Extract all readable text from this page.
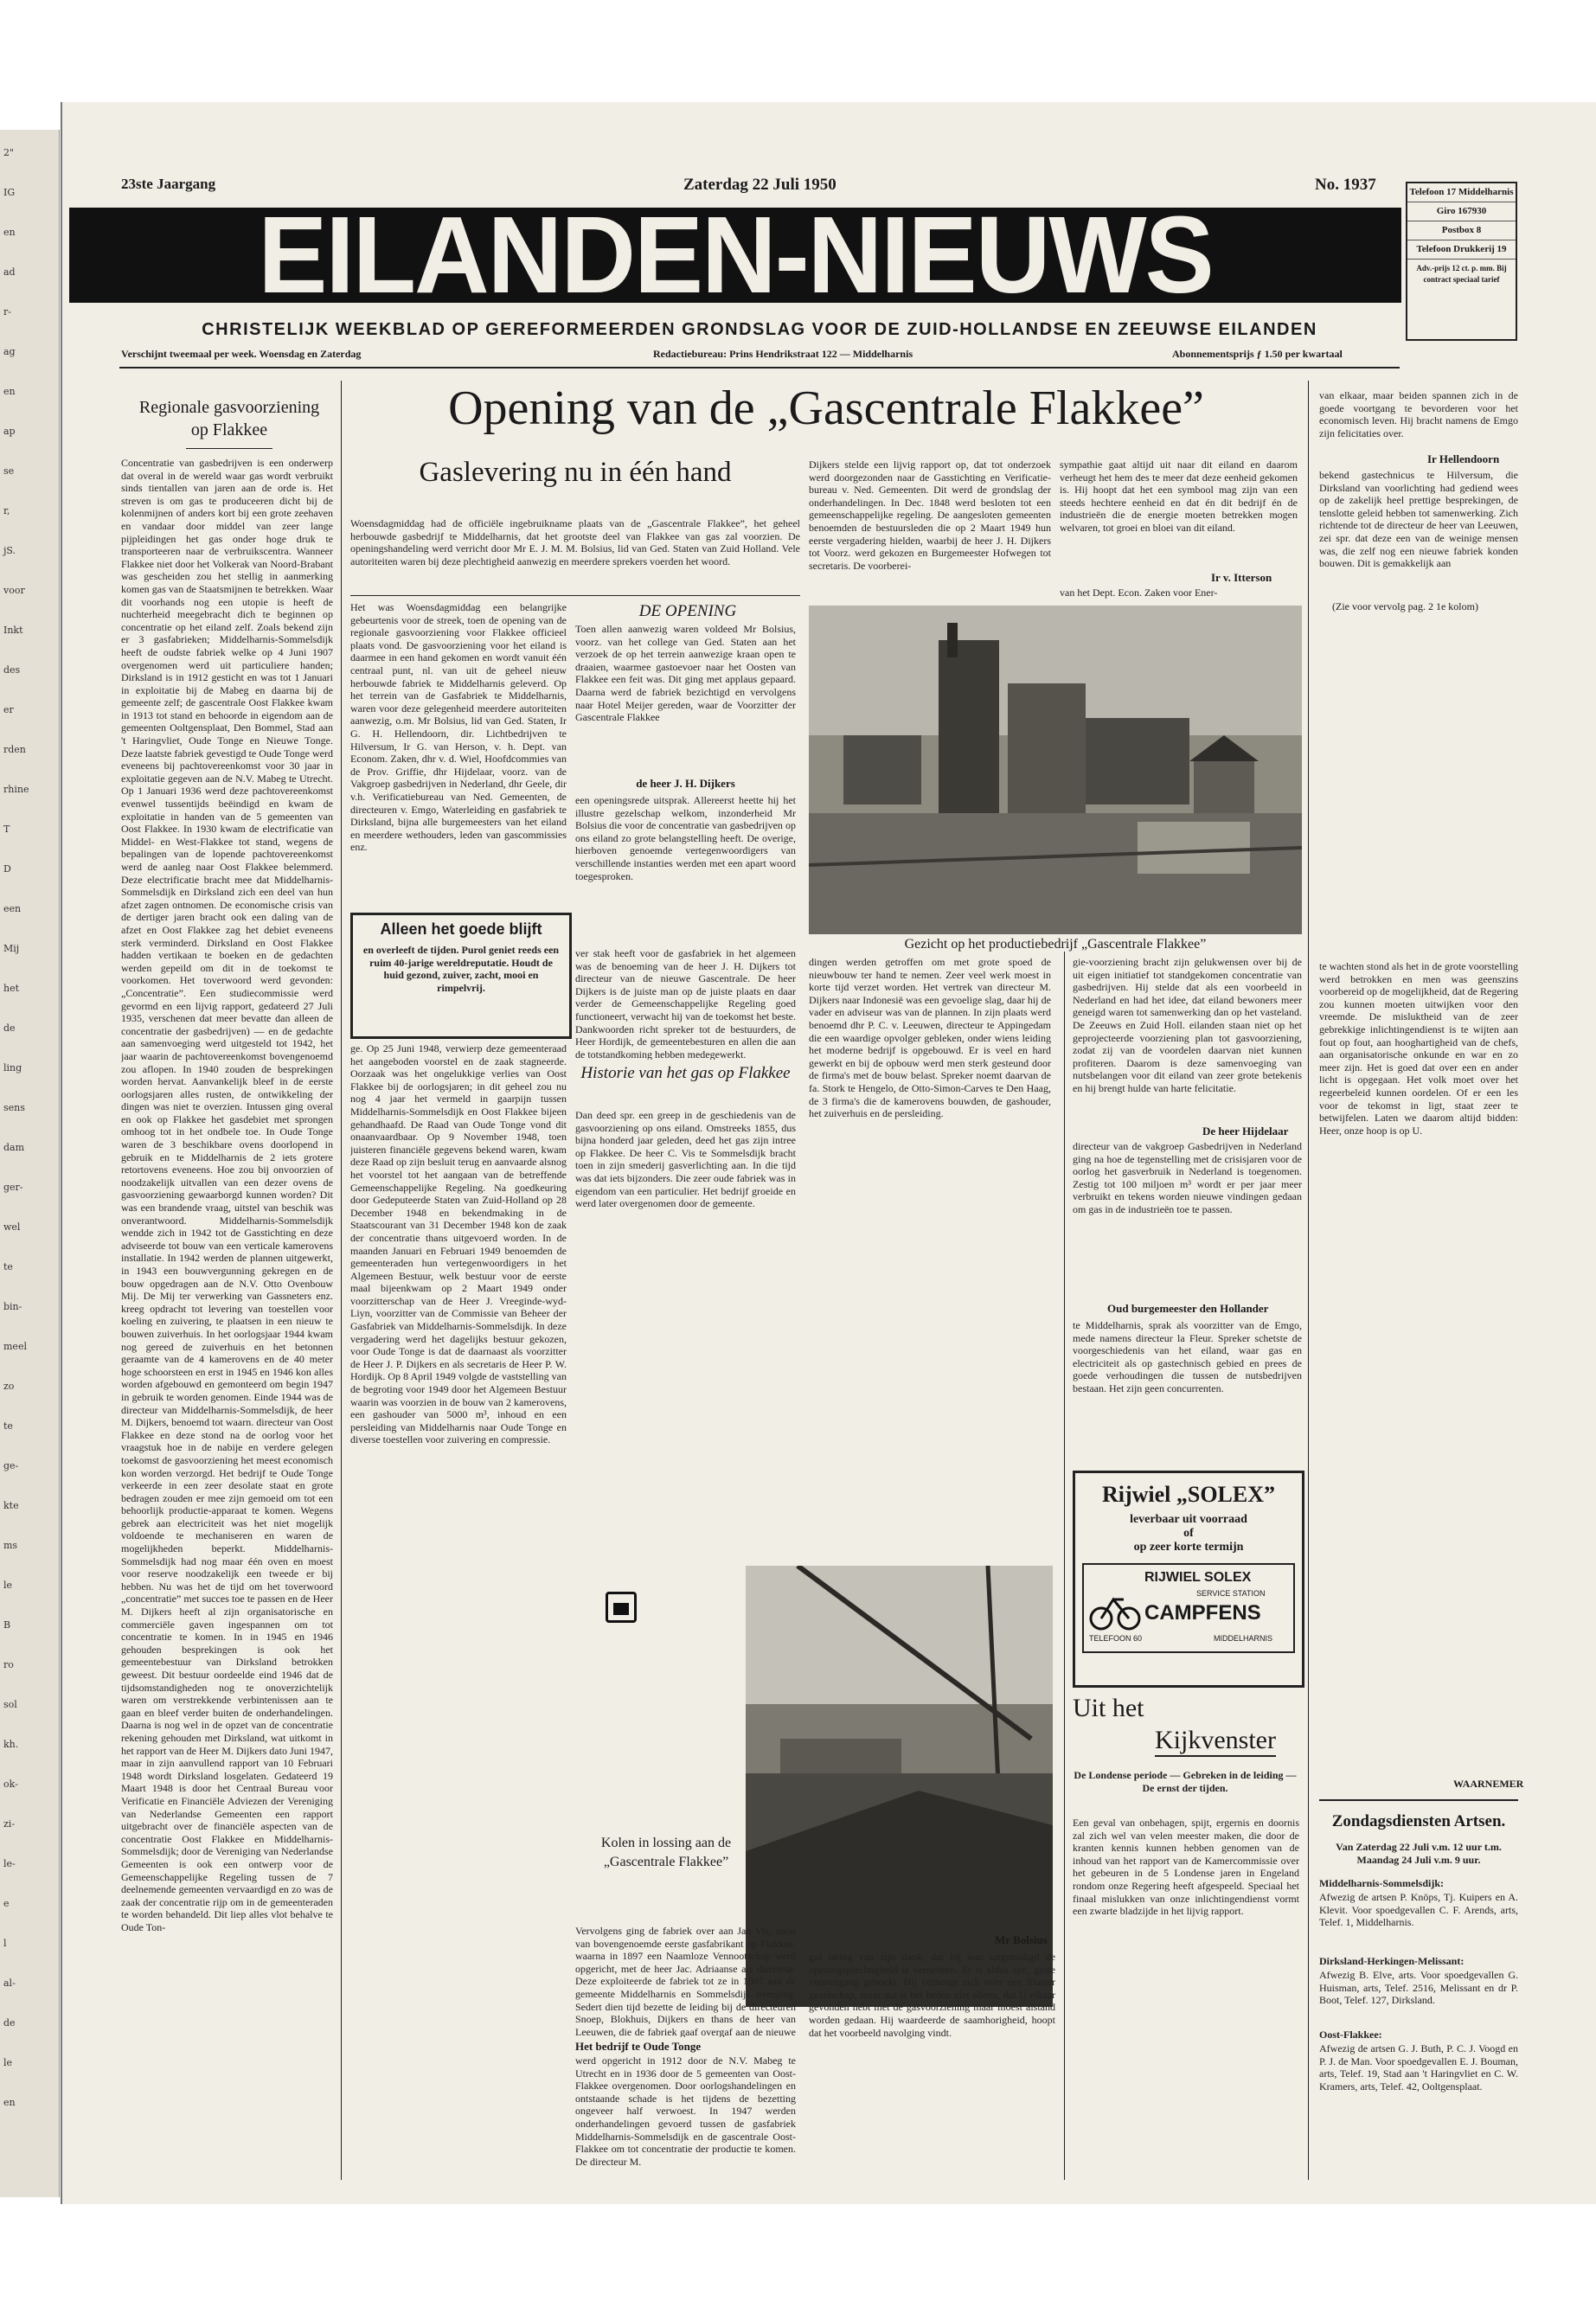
2"
IG
en
ad
r-
ag
en
ap
se
r,
jS.
voor
Inkt
des
er
rden
rhine
T
D
een
Mij
het
de
ling
sens
dam
ger-
wel
te
bin-
meel
zo
te
ge-
kte
ms
le
B
ro
sol
kh.
ok-
zi-
le-
e
l
al-
de
le
en
23ste Jaargang	Zaterdag 22 Juli 1950	No. 1937
EILANDEN-NIEUWS
CHRISTELIJK WEEKBLAD OP GEREFORMEERDEN GRONDSLAG VOOR DE ZUID-HOLLANDSE EN ZEEUWSE EILANDEN
Verschijnt tweemaal per week. Woensdag en Zaterdag	Redactiebureau: Prins Hendrikstraat 122 — Middelharnis	Abonnementsprijs ƒ 1.50 per kwartaal
Telefoon 17 Middelharnis
Giro 167930
Postbox 8
Telefoon Drukkerij 19
Adv.-prijs 12 ct. p. mm. Bij contract speciaal tarief
Regionale gasvoorziening op Flakkee
Concentratie van gasbedrijven is een onderwerp dat overal in de wereld waar gas wordt verbruikt sinds tientallen van jaren aan de orde is. Het streven is om gas te produceeren dicht bij de kolenmijnen of anders kort bij een grote zeehaven en vandaar door middel van zeer lange pijpleidingen het gas onder hoge druk te transporteeren naar de verbruikscentra. Wanneer Flakkee niet door het Volkerak van Noord-Brabant was gescheiden zou het stellig in aanmerking komen gas van de Staatsmijnen te betrekken. Waar dit voorhands nog een utopie is heeft de nuchterheid meegebracht dich te beginnen op concentratie op het eiland zelf. Zoals bekend zijn er 3 gasfabrieken; Middelharnis-Sommelsdijk heeft de oudste fabriek welke op 4 Juni 1907 overgenomen werd uit particuliere handen; Dirksland is in 1912 gesticht en was tot 1 Januari in exploitatie bij de Mabeg en daarna bij de gemeente zelf; de gascentrale Oost Flakkee kwam in 1913 tot stand en behoorde in eigendom aan de gemeenten Ooltgensplaat, Den Bommel, Stad aan 't Haringvliet, Oude Tonge en Nieuwe Tonge. Deze laatste fabriek gevestigd te Oude Tonge werd eveneens bij pachtovereenkomst voor 30 jaar in exploitatie gegeven aan de N.V. Mabeg te Utrecht. Op 1 Januari 1936 werd deze pachtovereenkomst evenwel tussentijds beëindigd en kwam de exploitatie in handen van de 5 gemeenten van Oost Flakkee. In 1930 kwam de electrificatie van Middel- en West-Flakkee tot stand, wegens de bepalingen van de lopende pachtovereenkomst werd de aanleg naar Oost Flakkee belemmerd. Deze electrificatie bracht mee dat Middelharnis-Sommelsdijk en Dirksland zich een deel van hun afzet zagen ontnomen. De economische crisis van de dertiger jaren bracht ook een daling van de afzet en Oost Flakkee zag het debiet eveneens sterk verminderd. Dirksland en Oost Flakkee hadden vertikaan te boeken en de gedachten werden gepeild om dit in de toekomst te voorkomen. Het toverwoord werd gevonden: „Concentratie”. Een studiecommissie werd gevormd en een lijvig rapport, gedateerd 27 Juli 1935, verschenen dat meer bevatte dan alleen de concentratie der gasbedrijven) — en de gedachte aan samenvoeging werd uitgesteld tot 1942, het jaar waarin de pachtovereenkomst bovengenoemd zou aflopen. In 1940 zouden de besprekingen worden hervat. Aanvankelijk bleef in de eerste oorlogsjaren alles rusten, de ontwikkeling der dingen was niet te overzien. Intussen ging overal en ook op Flakkee het gasdebiet met sprongen omhoog tot in het ondbele toe. In Oude Tonge waren de 3 beschikbare ovens doorlopend in gebruik en te Middelharnis de 2 iets grotere retortovens eveneens. Hoe zou bij onvoorzien of noodzakelijk uitvallen van een dezer ovens de gasvoorziening gewaarborgd kunnen worden? Dit was een brandende vraag, uitstel van beschik was onverantwoord. Middelharnis-Sommelsdijk wendde zich in 1942 tot de Gasstichting en deze adviseerde tot bouw van een verticale kamerovens installatie. In 1942 werden de plannen uitgewerkt, in 1943 een bouwvergunning gekregen en de bouw opgedragen aan de N.V. Otto Ovenbouw Mij. De Mij ter verwerking van Gassneters enz. kreeg opdracht tot levering van toestellen voor koeling en zuivering, te plaatsen in een nieuw te bouwen zuiverhuis. In het oorlogsjaar 1944 kwam nog gereed de zuiverhuis en het betonnen geraamte van de 4 kamerovens en de 40 meter hoge schoorsteen en erst in 1945 en 1946 kon alles worden afgebouwd en gemonteerd om begin 1947 in gebruik te worden genomen. Einde 1944 was de directeur van Middelharnis-Sommelsdijk, de heer M. Dijkers, benoemd tot waarn. directeur van Oost Flakkee en deze stond na de oorlog voor het vraagstuk hoe in de nabije en verdere gelegen toekomst de gasvoorziening het meest economisch kon worden verzorgd. Het bedrijf te Oude Tonge verkeerde in een zeer desolate staat en grote bedragen zouden er mee zijn gemoeid om tot een behoorlijk productie-apparaat te komen. Wegens gebrek aan electriciteit was het niet mogelijk voldoende te mechaniseren en waren de mogelijkheden beperkt. Middelharnis-Sommelsdijk had nog maar één oven en moest voor reserve noodzakelijk een tweede er bij hebben. Nu was het de tijd om het toverwoord „concentratie” met succes toe te passen en de Heer M. Dijkers heeft al zijn organisatorische en commerciële gaven ingespannen om tot concentratie te komen. In in 1945 en 1946 gehouden besprekingen is ook het gemeentebestuur van Dirksland betrokken geweest. Dit bestuur oordeelde eind 1946 dat de tijdsomstandigheden nog te onoverzichtelijk waren om verstrekkende verbintenissen aan te gaan en bleef verder buiten de onderhandelingen. Daarna is nog wel in de opzet van de concentratie rekening gehouden met Dirksland, wat uitkomt in het rapport van de Heer M. Dijkers dato Juni 1947, maar in zijn aanvullend rapport van 10 Februari 1948 wordt Dirksland losgelaten. Gedateerd 19 Maart 1948 is door het Centraal Bureau voor Verificatie en Financiële Adviezen der Vereniging van Nederlandse Gemeenten een rapport uitgebracht over de financiële aspecten van de concentratie Oost Flakkee en Middelharnis-Sommelsdijk; door de Vereniging van Nederlandse Gemeenten is ook een ontwerp voor de Gemeenschappelijke Regeling tussen de 7 deelnemende gemeenten vervaardigd en zo was de zaak der concentratie rijp om in de gemeenteraden te worden behandeld. Dit liep alles vlot behalve te Oude Ton-
Opening van de „Gascentrale Flakkee”
Gaslevering nu in één hand
Woensdagmiddag had de officiële ingebruikname plaats van de „Gascentrale Flakkee”, het geheel herbouwde gasbedrijf te Middelharnis, dat het grootste deel van Flakkee van gas zal voorzien. De openingshandeling werd verricht door Mr E. J. M. M. Bolsius, lid van Ged. Staten van Zuid Holland. Vele autoriteiten waren bij deze plechtigheid aanwezig en meerdere sprekers voerden het woord.
Het was Woensdagmiddag een belangrijke gebeurtenis voor de streek, toen de opening van de regionale gasvoorziening voor Flakkee officieel plaats vond. De gasvoorziening voor het eiland is daarmee in een hand gekomen en wordt vanuit één centraal punt, nl. van uit de geheel nieuw herbouwde fabriek te Middelharnis geleverd. Op het terrein van de Gasfabriek te Middelharnis, waren voor deze gelegenheid meerdere autoriteiten aanwezig, o.m. Mr Bolsius, lid van Ged. Staten, Ir G. H. Hellendoorn, dir. Lichtbedrijven te Hilversum, Ir G. van Herson, v. h. Dept. van Econom. Zaken, dhr v. d. Wiel, Hoofdcommies van de Prov. Griffie, dhr Hijdelaar, voorz. van de Vakgroep gasbedrijven in Nederland, dhr Geele, dir v.h. Verificatiebureau van Ned. Gemeenten, de directeuren v. Emgo, Waterleiding en gasfabriek te Dirksland, bijna alle burgemeesters van het eiland en meerdere wethouders, leden van gascommissies enz.
Alleen het goede blijft
en overleeft de tijden. Purol geniet reeds een ruim 40-jarige wereldreputatie. Houdt de huid gezond, zuiver, zacht, mooi en rimpelvrij.
DE OPENING
Toen allen aanwezig waren voldeed Mr Bolsius, voorz. van het college van Ged. Staten aan het verzoek de op het terrein aanwezige kraan open te draaien, waarmee gastoevoer naar het Oosten van Flakkee een feit was. Dit ging met applaus gepaard. Daarna werd de fabriek bezichtigd en vervolgens naar Hotel Meijer gereden, waar de Voorzitter der Gascentrale Flakkee
de heer J. H. Dijkers
een openingsrede uitsprak. Allereerst heette hij het illustre gezelschap welkom, inzonderheid Mr Bolsius die voor de concentratie van gasbedrijven op ons eiland zo grote belangstelling heeft. De overige, hierboven genoemde vertegenwoordigers van verschillende instanties werden met een apart woord toegesproken.
Dijkers stelde een lijvig rapport op, dat tot onderzoek werd doorgezonden naar de Gasstichting en Verificatie-bureau v. Ned. Gemeenten. Dit werd de grondslag der onderhandelingen. In Dec. 1848 werd besloten tot een gemeenschappelijke regeling. De aangesloten gemeenten benoemden de bestuursleden die op 2 Maart 1949 hun eerste vergadering hielden, waarbij de heer J. H. Dijkers tot Voorz. werd gekozen en Burgemeester Hofwegen tot secretaris. De voorberei-
sympathie gaat altijd uit naar dit eiland en daarom verheugt het hem des te meer dat deze eenheid gekomen is. Hij hoopt dat het een symbool mag zijn van een steeds hechtere eenheid en dat én dit bedrijf én de industrieën die de energie moeten betrekken mogen welvaren, tot groei en bloei van dit eiland.
Ir v. Itterson
van het Dept. Econ. Zaken voor Ener-
Gezicht op het productiebedrijf „Gascentrale Flakkee”
ge. Op 25 Juni 1948, verwierp deze gemeenteraad het aangeboden voorstel en de zaak stagneerde. Oorzaak was het ongelukkige verlies van Oost Flakkee bij de oorlogsjaren; in dit geheel zou nu nog 4 jaar het vermeld in gaarpijn tussen Middelharnis-Sommelsdijk en Oost Flakkee bijeen gehandhaafd. De Raad van Oude Tonge vond dit onaanvaardbaar. Op 9 November 1948, toen juisteren financiële gegevens bekend waren, kwam deze Raad op zijn besluit terug en aanvaarde alsnog het voorstel tot het aangaan van de betreffende Gemeenschappelijke Regeling. Na goedkeuring door Gedeputeerde Staten van Zuid-Holland op 28 December 1948 en bekendmaking in de Staatscourant van 31 December 1948 kon de zaak der concentratie thans uitgevoerd worden. In de maanden Januari en Februari 1949 benoemden de gemeenteraden hun vertegenwoordigers in het Algemeen Bestuur, welk bestuur voor de eerste maal bijeenkwam op 2 Maart 1949 onder voorzitterschap van de Heer J. Vreeginde-wyd-Liyn, voorzitter van de Commissie van Beheer der Gasfabriek van Middelharnis-Sommelsdijk. In deze vergadering werd het dagelijks bestuur gekozen, voor Oude Tonge is dat de daarnaast als voorzitter de Heer J. P. Dijkers en als secretaris de Heer P. W. Hordijk. Op 8 April 1949 volgde de vaststelling van de begroting voor 1949 door het Algemeen Bestuur waarin was voorzien in de bouw van 2 kamerovens, een gashouder van 5000 m³, inhoud en een persleiding van Middelharnis naar Oude Tonge en diverse toestellen voor zuivering en compressie.
ver stak heeft voor de gasfabriek in het algemeen was de benoeming van de heer J. H. Dijkers tot directeur van de nieuwe Gascentrale. De heer Dijkers is de juiste man op de juiste plaats en daar verder de Gemeenschappelijke Regeling goed functioneert, verwacht hij van de toekomst het beste. Dankwoorden richt spreker tot de bestuurders, de Heer Hordijk, de gemeentebesturen en allen die aan de totstandkoming hebben medegewerkt.
Historie van het gas op Flakkee
Dan deed spr. een greep in de geschiedenis van de gasvoorziening op ons eiland. Omstreeks 1855, dus bijna honderd jaar geleden, deed het gas zijn intree op Flakkee. De heer C. Vis te Sommelsdijk bracht toen in zijn smederij gasverlichting aan. In die tijd was dat iets bijzonders. Die zeer oude fabriek was in eigendom van een particulier. Het bedrijf groeide en werd later overgenomen door de gemeente.
Kolen in lossing aan de „Gascentrale Flakkee”
Vervolgens ging de fabriek over aan Jan Vis, zoon van bovengenoemde eerste gasfabrikant op Flakkee, waarna in 1897 een Naamloze Vennootschap werd opgericht, met de heer Jac. Adriaanse als directeur. Deze exploiteerde de fabriek tot ze in 1907 aan de gemeente Middelharnis en Sommelsdijk overging. Sedert dien tijd bezette de leiding bij de directeuren Snoep, Blokhuis, Dijkers en thans de heer van Leeuwen, die de fabriek gaaf overgaf aan de nieuwe
Het bedrijf te Oude Tonge
werd opgericht in 1912 door de N.V. Mabeg te Utrecht en in 1936 door de 5 gemeenten van Oost-Flakkee overgenomen. Door oorlogshandelingen en ontstaande schade is het tijdens de bezetting ongeveer half verwoest. In 1947 werden onderhandelingen gevoerd tussen de gasfabriek Middelharnis-Sommelsdijk en de gascentrale Oost-Flakkee om tot concentratie der productie te komen. De directeur M.
dingen werden getroffen om met grote spoed de nieuwbouw ter hand te nemen. Zeer veel werk moest in korte tijd verzet worden. Het vertrek van directeur M. Dijkers naar Indonesië was een gevoelige slag, daar hij de vader en adviseur was van de plannen. In zijn plaats werd benoemd dhr P. C. v. Leeuwen, directeur te Appingedam die een waardige opvolger gebleken, onder wiens leiding het moderne bedrijf is opgebouwd. Er is veel en hard gewerkt en bij de opbouw werd men sterk gesteund door de firma's met de bouw belast. Spreker noemt daarvan de fa. Stork te Hengelo, de Otto-Simon-Carves te Den Haag, de 3 firma's die de kamerovens bouwden, de gashouder, het zuiverhuis en de persleiding.
Mr Bolsius
gaf uiting van zijn dank, dat hij was uitgenodigd de openingsplechtigheid te verrichten. Er is aldus spr., grote vooruitgang geboekt. Hij verheugt zich over een illuster gezelschap, maar dat is het heden niet alleen, dat U elkaar gevonden hebt met de gasvoorziening maar moest alstand worden gedaan. Hij waardeerde de saamhorigheid, hoopt dat het voorbeeld navolging vindt.
gie-voorziening bracht zijn gelukwensen over bij de uit eigen initiatief tot standgekomen concentratie van gasbedrijven. Hij stelde dat als een voorbeeld in Nederland en had het idee, dat eiland bewoners meer geneigd waren tot samenwerking dan op het vasteland. De Zeeuws en Zuid Holl. eilanden staan niet op het geprojecteerde voorziening plan tot gasvoorziening, zodat zij van de voordelen daarvan niet kunnen profiteren. Daarom is deze samenvoeging van nutsbelangen voor dit eiland van zeer grote betekenis en hij brengt hulde van harte felicitatie.
De heer Hijdelaar
directeur van de vakgroep Gasbedrijven in Nederland ging na hoe de tegenstelling met de crisisjaren voor de oorlog het gasverbruik in Nederland is toegenomen. Zestig tot 100 miljoen m³ wordt er per jaar meer verbruikt en tekens worden nieuwe vindingen gedaan om gas in de industrieën toe te passen.
Oud burgemeester den Hollander
te Middelharnis, sprak als voorzitter van de Emgo, mede namens directeur la Fleur. Spreker schetste de voorgeschiedenis van het eiland, waar gas en electriciteit als op gastechnisch gebied en prees de goede verhoudingen die tussen de nutsbedrijven bestaan. Het zijn geen concurrenten.
Rijwiel „SOLEX”
leverbaar uit voorraad
of
op zeer korte termijn
RIJWIEL SOLEX
SERVICE STATION
CAMPFENS
TELEFOON 60	MIDDELHARNIS
Uit het
Kijkvenster
De Londense periode — Gebreken in de leiding — De ernst der tijden.
Een geval van onbehagen, spijt, ergernis en doornis zal zich wel van velen meester maken, die door de kranten kennis kunnen hebben genomen van de inhoud van het rapport van de Kamercommissie over het gebeuren in de 5 Londense jaren in Engeland rondom onze Regering heeft afgespeeld. Speciaal het finaal mislukken van onze inlichtingendienst vormt een zwarte bladzijde in het lijvig rapport.
van elkaar, maar beiden spannen zich in de goede voortgang te bevorderen voor het economisch leven. Hij bracht namens de Emgo zijn felicitaties over.
Ir Hellendoorn
bekend gastechnicus te Hilversum, die Dirksland van voorlichting had gediend wees op de zakelijk heel prettige besprekingen, de tenslotte geleid hebben tot samenwerking. Zich richtende tot de directeur de heer van Leeuwen, zei spr. dat deze een van de weinige mensen was, die zelf nog een nieuwe fabriek konden bouwen. Dit is gemakkelijk aan
(Zie voor vervolg pag. 2 1e kolom)
te wachten stond als het in de grote voorstelling werd betrokken en men was geenszins voorbereid op de mogelijkheid, dat de Regering zou kunnen moeten uitwijken voor den vreemde. De misluktheid van de zeer gebrekkige inlichtingendienst is te wijten aan fout op fout, aan hooghartigheid van de chefs, aan organisatorische onkunde en war en zo meer zijn. Het is goed dat over een en ander licht is opgegaan. Het volk moet over het regeerbeleid kunnen oordelen. Of er een les voor de tekomst in ligt, staat zeer te betwijfelen. Laten we daarom altijd bidden: Heer, onze hoop is op U.
WAARNEMER
Zondagsdiensten Artsen.
Van Zaterdag 22 Juli v.m. 12 uur t.m. Maandag 24 Juli v.m. 9 uur.
Middelharnis-Sommelsdijk:
Afwezig de artsen P. Knöps, Tj. Kuipers en A. Klevit. Voor spoedgevallen C. F. Arends, arts, Telef. 1, Middelharnis.
Dirksland-Herkingen-Melissant:
Afwezig B. Elve, arts. Voor spoedgevallen G. Huisman, arts, Telef. 2516, Melissant en dr P. Boot, Telef. 127, Dirksland.
Oost-Flakkee:
Afwezig de artsen G. J. Buth, P. C. J. Voogd en P. J. de Man. Voor spoedgevallen E. J. Bouman, arts, Telef. 19, Stad aan 't Haringvliet en C. W. Kramers, arts, Telef. 42, Ooltgensplaat.
